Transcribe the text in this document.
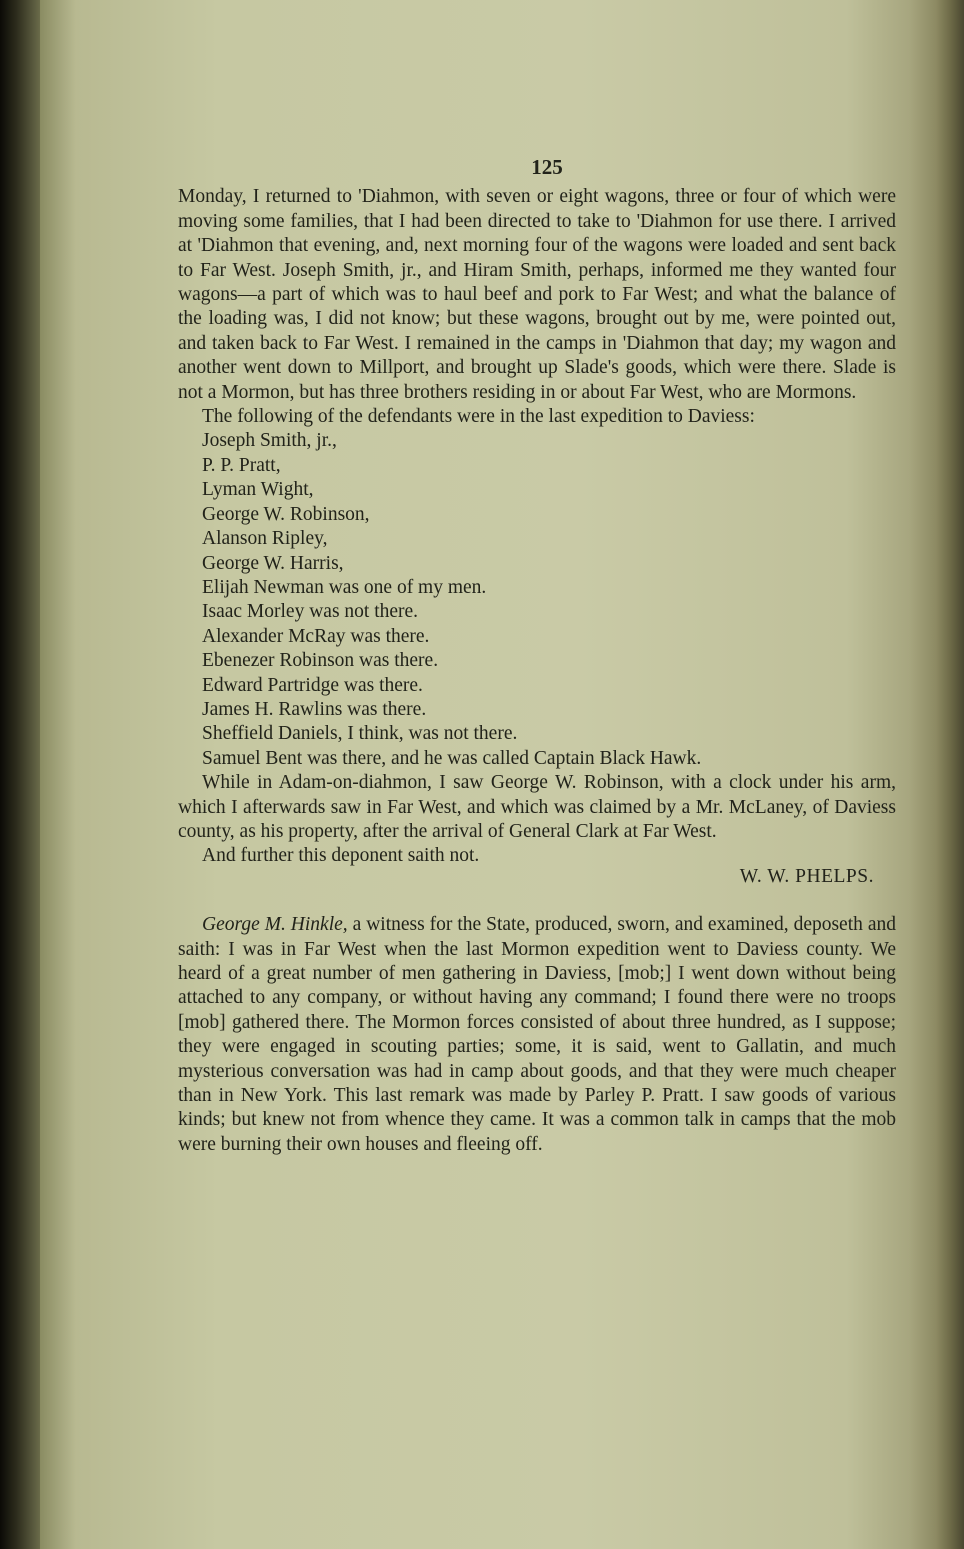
125

Monday, I returned to 'Diahmon, with seven or eight wagons, three or four of which were moving some families, that I had been directed to take to 'Diahmon for use there. I arrived at 'Diahmon that evening, and, next morning four of the wagons were loaded and sent back to Far West. Joseph Smith, jr., and Hiram Smith, perhaps, informed me they wanted four wagons—a part of which was to haul beef and pork to Far West; and what the balance of the loading was, I did not know; but these wagons, brought out by me, were pointed out, and taken back to Far West. I remained in the camps in 'Diahmon that day; my wagon and another went down to Millport, and brought up Slade's goods, which were there. Slade is not a Mormon, but has three brothers residing in or about Far West, who are Mormons.

The following of the defendants were in the last expedition to Daviess:

Joseph Smith, jr.,
P. P. Pratt,
Lyman Wight,
George W. Robinson,
Alanson Ripley,
George W. Harris,
Elijah Newman was one of my men.
Isaac Morley was not there.
Alexander McRay was there.
Ebenezer Robinson was there.
Edward Partridge was there.
James H. Rawlins was there.
Sheffield Daniels, I think, was not there.
Samuel Bent was there, and he was called Captain Black Hawk.

While in Adam-on-diahmon, I saw George W. Robinson, with a clock under his arm, which I afterwards saw in Far West, and which was claimed by a Mr. McLaney, of Daviess county, as his property, after the arrival of General Clark at Far West.

And further this deponent saith not.

W. W. PHELPS.

George M. Hinkle, a witness for the State, produced, sworn, and examined, deposeth and saith: I was in Far West when the last Mormon expedition went to Daviess county. We heard of a great number of men gathering in Daviess, [mob;] I went down without being attached to any company, or without having any command; I found there were no troops [mob] gathered there. The Mormon forces consisted of about three hundred, as I suppose; they were engaged in scouting parties; some, it is said, went to Gallatin, and much mysterious conversation was had in camp about goods, and that they were much cheaper than in New York. This last remark was made by Parley P. Pratt. I saw goods of various kinds; but knew not from whence they came. It was a common talk in camps that the mob were burning their own houses and fleeing off.
